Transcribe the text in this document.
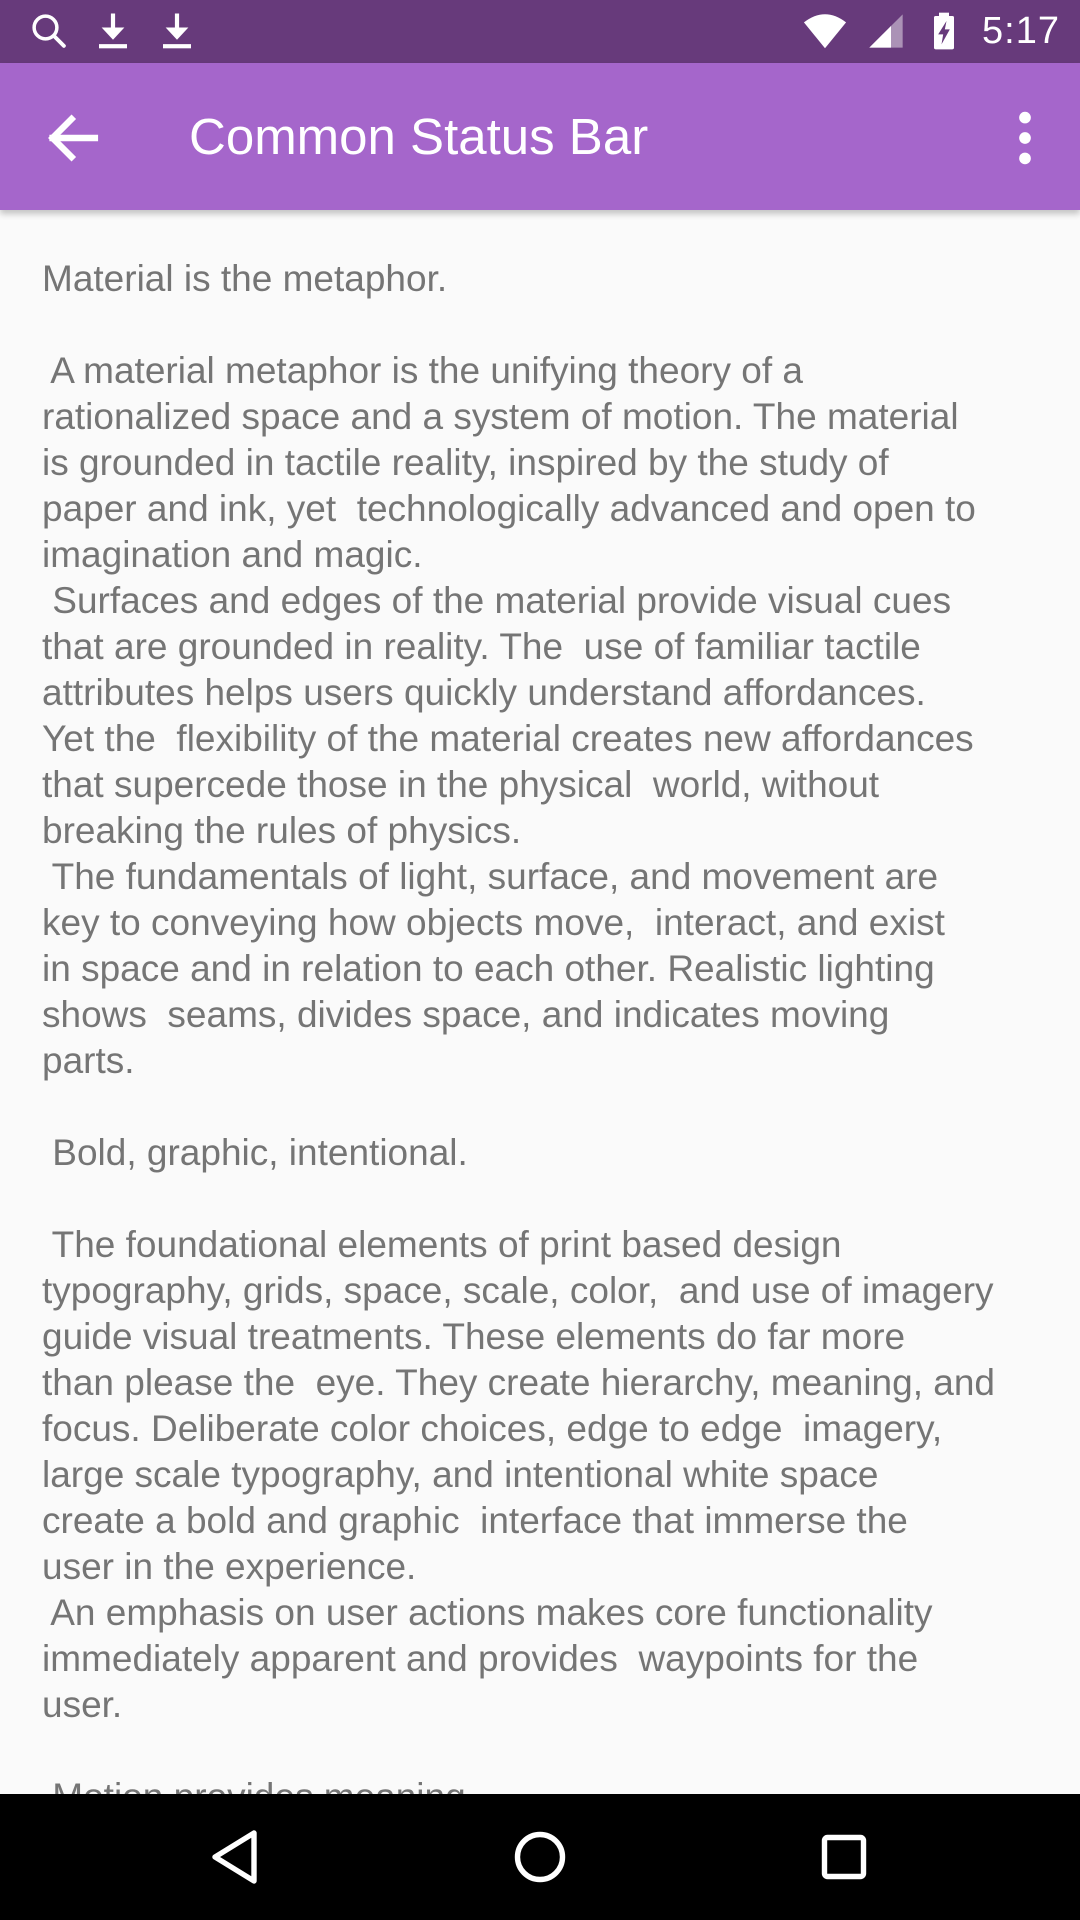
5:17
Common Status Bar

Material is the metaphor.

A material metaphor is the unifying theory of a
rationalized space and a system of motion. The material
is grounded in tactile reality, inspired by the study of
paper and ink, yet  technologically advanced and open to
imagination and magic.
Surfaces and edges of the material provide visual cues
that are grounded in reality. The  use of familiar tactile
attributes helps users quickly understand affordances.
Yet the  flexibility of the material creates new affordances
that supercede those in the physical  world, without
breaking the rules of physics.
The fundamentals of light, surface, and movement are
key to conveying how objects move,  interact, and exist
in space and in relation to each other. Realistic lighting
shows  seams, divides space, and indicates moving
parts.

Bold, graphic, intentional.

The foundational elements of print based design
typography, grids, space, scale, color,  and use of imagery
guide visual treatments. These elements do far more
than please the  eye. They create hierarchy, meaning, and
focus. Deliberate color choices, edge to edge  imagery,
large scale typography, and intentional white space
create a bold and graphic  interface that immerse the
user in the experience.
An emphasis on user actions makes core functionality
immediately apparent and provides  waypoints for the
user.
